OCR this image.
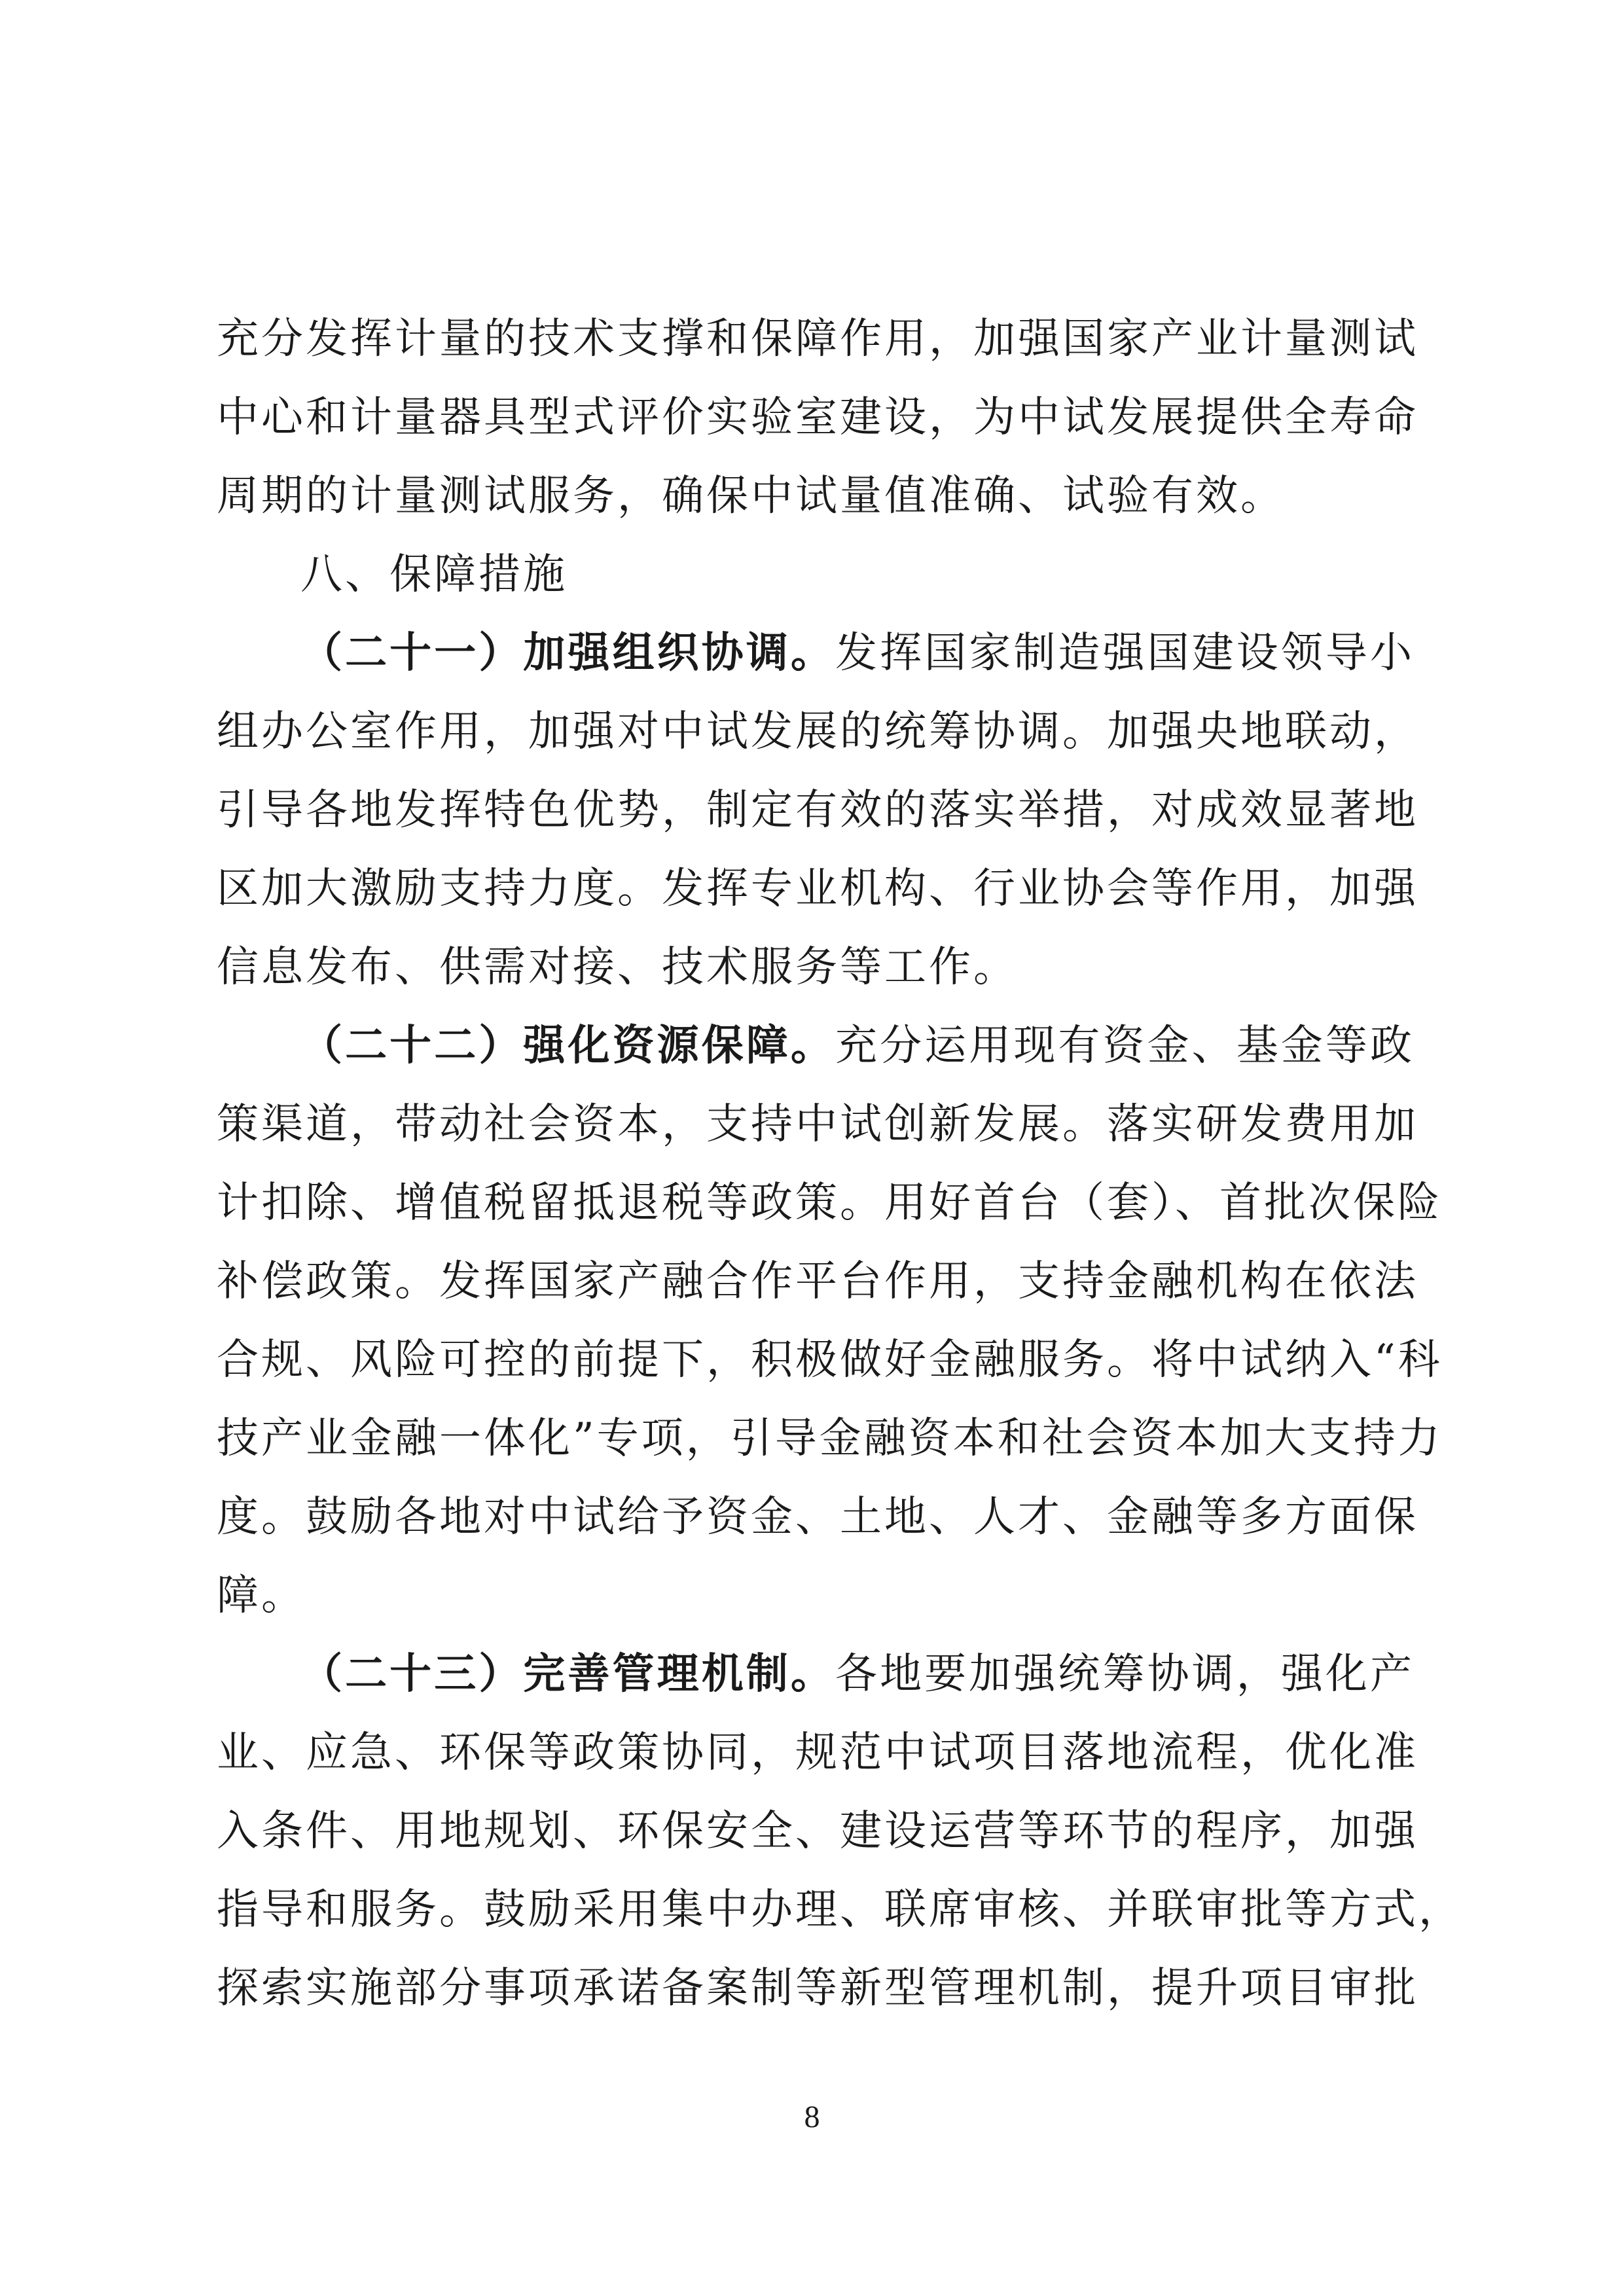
充分发挥计量的技术支撑和保障作用，加强国家产业计量测试
中心和计量器具型式评价实验室建设，为中试发展提供全寿命
周期的计量测试服务，确保中试量值准确、试验有效。
八、保障措施
（二十一）加强组织协调。发挥国家制造强国建设领导小
组办公室作用，加强对中试发展的统筹协调。加强央地联动，
引导各地发挥特色优势，制定有效的落实举措，对成效显著地
区加大激励支持力度。发挥专业机构、行业协会等作用，加强
信息发布、供需对接、技术服务等工作。
（二十二）强化资源保障。充分运用现有资金、基金等政
策渠道，带动社会资本，支持中试创新发展。落实研发费用加
计扣除、增值税留抵退税等政策。用好首台（套）、首批次保险
补偿政策。发挥国家产融合作平台作用，支持金融机构在依法
合规、风险可控的前提下，积极做好金融服务。将中试纳入“科
技产业金融一体化”专项，引导金融资本和社会资本加大支持力
度。鼓励各地对中试给予资金、土地、人才、金融等多方面保
障。
（二十三）完善管理机制。各地要加强统筹协调，强化产
业、应急、环保等政策协同，规范中试项目落地流程，优化准
入条件、用地规划、环保安全、建设运营等环节的程序，加强
指导和服务。鼓励采用集中办理、联席审核、并联审批等方式，
探索实施部分事项承诺备案制等新型管理机制，提升项目审批
8
